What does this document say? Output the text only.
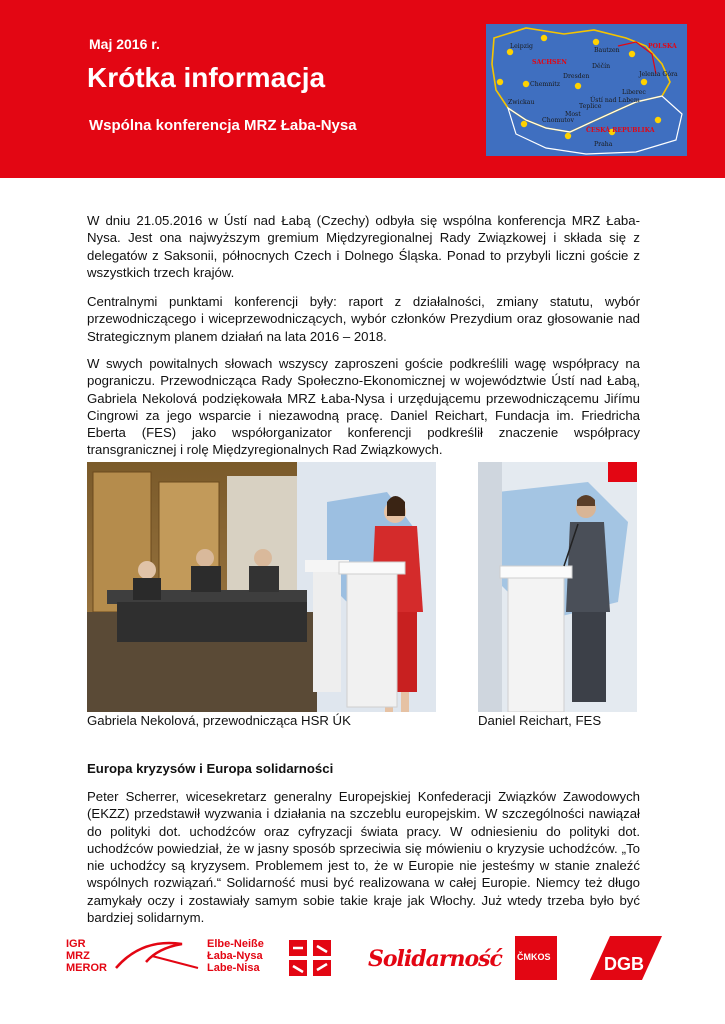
Maj 2016 r.
Krótka informacja
Wspólna konferencja MRZ Łaba-Nysa
Leipzig
Bautzen
Dresden
Děčín
Jelenia Góra
Chemnitz
Ústí nad Labem
Liberec
Zwickau
Teplice
Most
Chomutov
Praha
SACHSEN
POLSKA
ČESKÁ REPUBLIKA
W dniu 21.05.2016 w Ústí nad Łabą (Czechy) odbyła się wspólna konferencja MRZ Łaba-Nysa. Jest ona najwyższym gremium Międzyregionalnej Rady Związkowej i składa się z delegatów z Saksonii, północnych Czech i Dolnego Śląska. Ponad to przybyli liczni goście z wszystkich trzech krajów.
Centralnymi punktami konferencji były: raport z działalności, zmiany statutu, wybór przewodniczącego i wiceprzewodniczących, wybór członków Prezydium oraz głosowanie nad Strategicznym planem działań na lata 2016 – 2018.
W swych powitalnych słowach wszyscy zaproszeni goście podkreślili wagę współpracy na pograniczu. Przewodnicząca Rady Społeczno-Ekonomicznej w województwie Ústí nad Łabą, Gabriela Nekolová podziękowała MRZ Łaba-Nysa i urzędującemu przewodniczącemu Jiŕímu Cingrowi za jego wsparcie i niezawodną pracę. Daniel Reichart, Fundacja im. Friedricha Eberta (FES) jako współorganizator konferencji podkreślił znaczenie współpracy transgranicznej i rolę Międzyregionalnych Rad Związkowych.
Gabriela Nekolová, przewodnicząca HSR ÚK	Daniel Reichart, FES
Europa kryzysów i Europa solidarności
Peter Scherrer, wicesekretarz generalny Europejskiej Konfederacji Związków Zawodowych (EKZZ) przedstawił wyzwania i działania na szczeblu europejskim. W szczególności nawiązał do polityki dot. uchodźców oraz cyfryzacji świata pracy. W odniesieniu do polityki dot. uchodźców powiedział, że w jasny sposób sprzeciwia się mówieniu o kryzysie uchodźców. „To nie uchodźcy są kryzysem. Problemem jest to, że w Europie nie jesteśmy w stanie znaleźć wspólnych rozwiązań.“ Solidarność musi być realizowana w całej Europie. Niemcy też długo zamykały oczy i zostawiały samym sobie takie kraje jak Włochy. Już wtedy trzeba było być bardziej solidarnym.
IGR
MRZ
MEROR
Elbe-Neiße
Łaba-Nysa
Labe-Nisa	Solidarność ČMKOS	DGB
